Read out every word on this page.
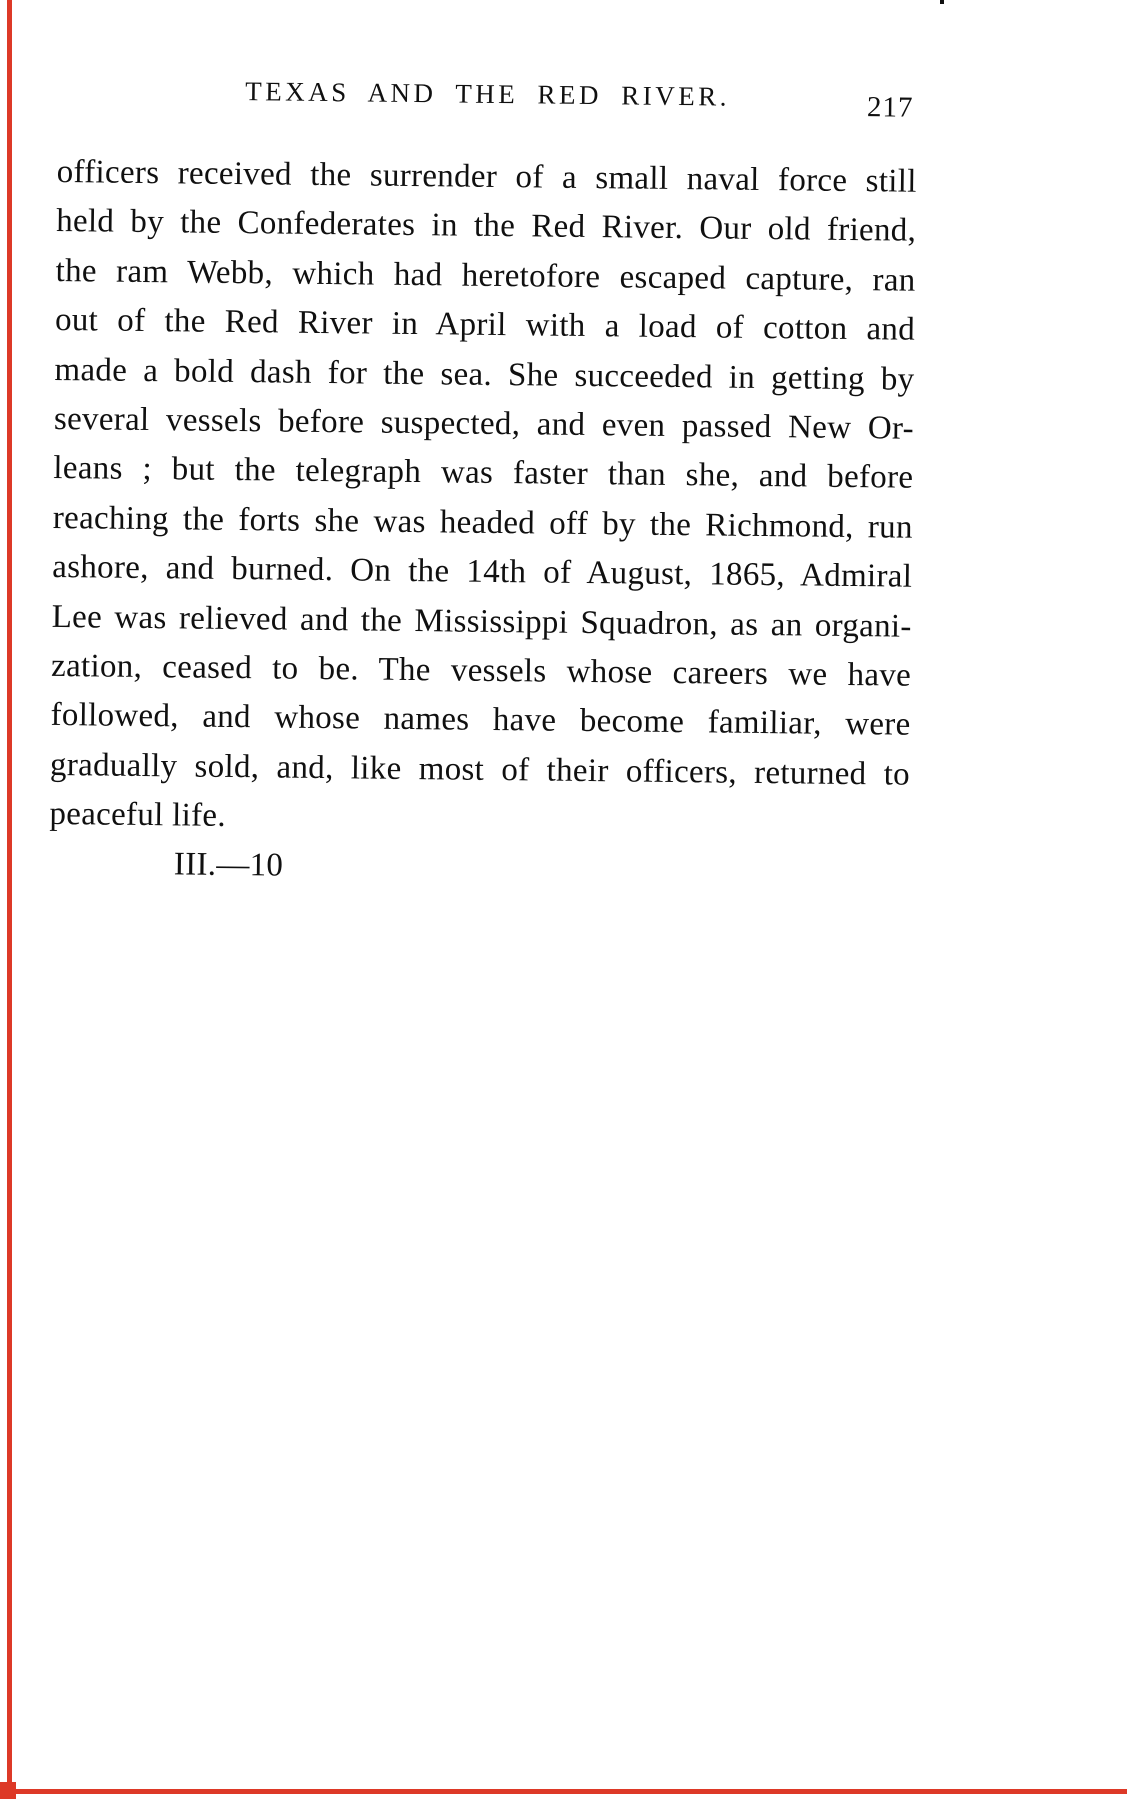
TEXAS AND THE RED RIVER.	217
officers received the surrender of a small naval force still
held by the Confederates in the Red River. Our old friend,
the ram Webb, which had heretofore escaped capture, ran
out of the Red River in April with a load of cotton and
made a bold dash for the sea. She succeeded in getting by
several vessels before suspected, and even passed New Or-
leans ; but the telegraph was faster than she, and before
reaching the forts she was headed off by the Richmond, run
ashore, and burned. On the 14th of August, 1865, Admiral
Lee was relieved and the Mississippi Squadron, as an organi-
zation, ceased to be. The vessels whose careers we have
followed, and whose names have become familiar, were
gradually sold, and, like most of their officers, returned to
peaceful life.
III.—10
